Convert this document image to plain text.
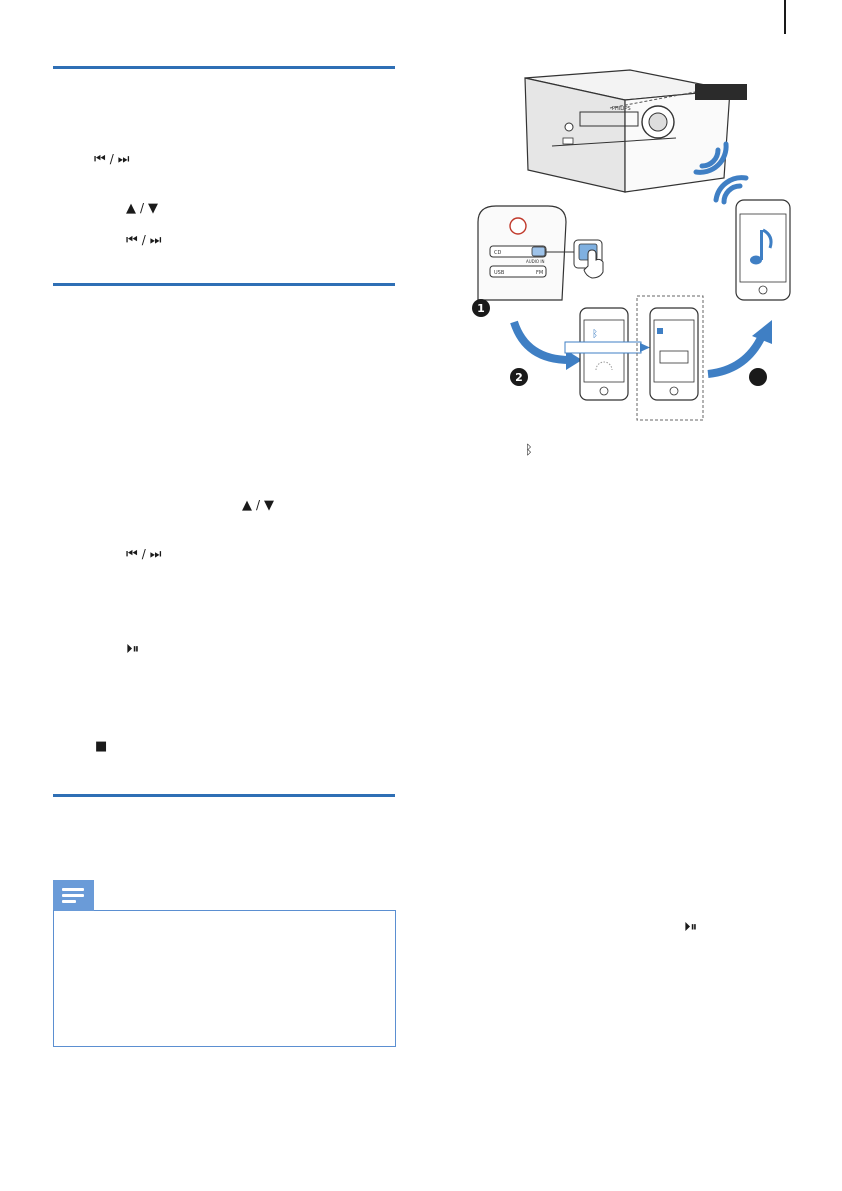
⏮ / ⏭
▲ / ▼
⏮ / ⏭
▲ / ▼
⏮ / ⏭
⏵⏸
■
ᛒ
⏵⏸
PHILIPS
CD
USB	FM
AUDIO IN
1
2
ᛒ
